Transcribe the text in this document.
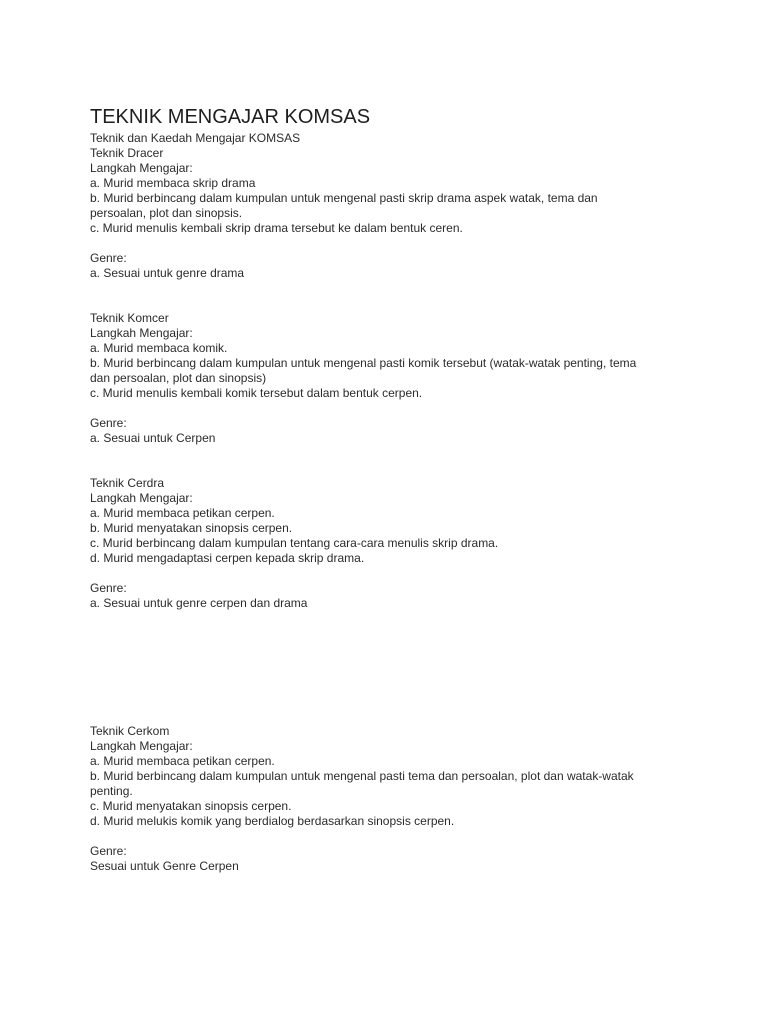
TEKNIK MENGAJAR KOMSAS

Teknik dan Kaedah Mengajar KOMSAS

Teknik Dracer

Langkah Mengajar:

a. Murid membaca skrip drama

b. Murid berbincang dalam kumpulan untuk mengenal pasti skrip drama aspek watak, tema dan

persoalan, plot dan sinopsis.

c. Murid menulis kembali skrip drama tersebut ke dalam bentuk ceren.

Genre:

a. Sesuai untuk genre drama

Teknik Komcer

Langkah Mengajar:

a. Murid membaca komik.

b. Murid berbincang dalam kumpulan untuk mengenal pasti komik tersebut (watak-watak penting, tema

dan persoalan, plot dan sinopsis)

c. Murid menulis kembali komik tersebut dalam bentuk cerpen.

Genre:

a. Sesuai untuk Cerpen

Teknik Cerdra

Langkah Mengajar:

a. Murid membaca petikan cerpen.

b. Murid menyatakan sinopsis cerpen.

c. Murid berbincang dalam kumpulan tentang cara-cara menulis skrip drama.

d. Murid mengadaptasi cerpen kepada skrip drama.

Genre:

a. Sesuai untuk genre cerpen dan drama

Teknik Cerkom

Langkah Mengajar:

a. Murid membaca petikan cerpen.

b. Murid berbincang dalam kumpulan untuk mengenal pasti tema dan persoalan, plot dan watak-watak

penting.

c. Murid menyatakan sinopsis cerpen.

d. Murid melukis komik yang berdialog berdasarkan sinopsis cerpen.

Genre:

Sesuai untuk Genre Cerpen
